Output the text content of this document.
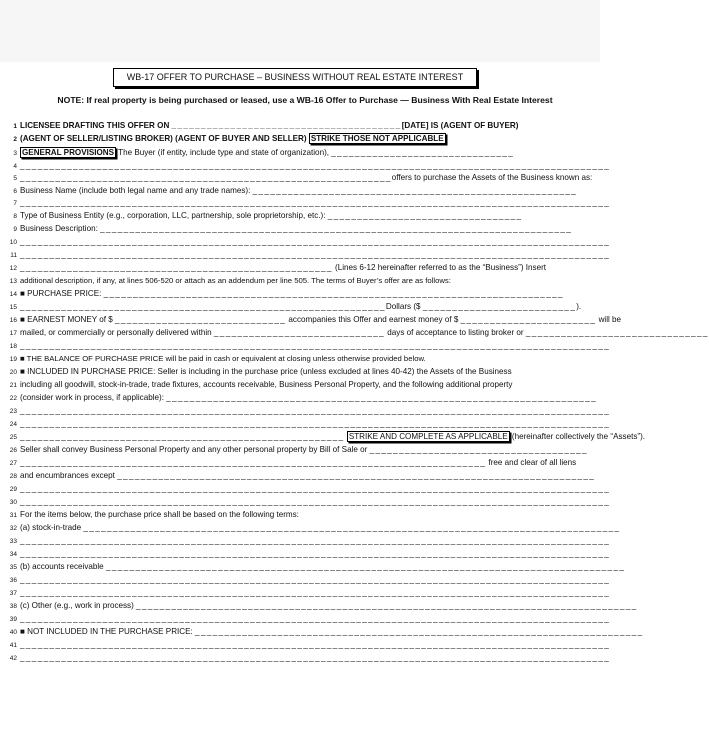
WB-17 OFFER TO PURCHASE – BUSINESS WITHOUT REAL ESTATE INTEREST
NOTE: If real property is being purchased or leased, use a WB-16 Offer to Purchase — Business With Real Estate Interest
1 LICENSEE DRAFTING THIS OFFER ON _______________________________________[DATE] IS (AGENT OF BUYER)
2 (AGENT OF SELLER/LISTING BROKER) (AGENT OF BUYER AND SELLER) STRIKE THOSE NOT APPLICABLE
3 GENERAL PROVISIONS The Buyer (if entity, include type and state of organization), _______________________________
4 ____________________________________________________________________________________________________
5 _______________________________________________________________offers to purchase the Assets of the Business known as:
6 Business Name (include both legal name and any trade names): _______________________________________________________
7 ____________________________________________________________________________________________________
8 Type of Business Entity (e.g., corporation, LLC, partnership, sole proprietorship, etc.): _________________________________
9 Business Description: ________________________________________________________________________________
10 ____________________________________________________________________________________________________
11 ____________________________________________________________________________________________________
12 _____________________________________________________ (Lines 6-12 hereinafter referred to as the “Business”) Insert
13 additional description, if any, at lines 506-520 or attach as an addendum per line 505. The terms of Buyer’s offer are as follows:
14 ■ PURCHASE PRICE: ______________________________________________________________________________
15 ______________________________________________________________Dollars ($ __________________________).
16 ■ EARNEST MONEY of $ _____________________________ accompanies this Offer and earnest money of $ _______________________ will be
17 mailed, or commercially or personally delivered within _____________________________ days of acceptance to listing broker or _______________________________
18 ____________________________________________________________________________________________________
19 ■ THE BALANCE OF PURCHASE PRICE will be paid in cash or equivalent at closing unless otherwise provided below.
20 ■ INCLUDED IN PURCHASE PRICE: Seller is including in the purchase price (unless excluded at lines 40-42) the Assets of the Business
21 including all goodwill, stock-in-trade, trade fixtures, accounts receivable, Business Personal Property, and the following additional property
22 (consider work in process, if applicable): _________________________________________________________________________
23 ____________________________________________________________________________________________________
24 ____________________________________________________________________________________________________
25 _______________________________________________________ STRIKE AND COMPLETE AS APPLICABLE (hereinafter collectively the “Assets”).
26 Seller shall convey Business Personal Property and any other personal property by Bill of Sale or _____________________________________
27 _______________________________________________________________________________ free and clear of all liens
28 and encumbrances except _________________________________________________________________________________
29 ____________________________________________________________________________________________________
30 ____________________________________________________________________________________________________
31 For the items below, the purchase price shall be based on the following terms:
32 (a) stock-in-trade ___________________________________________________________________________________________
33 ____________________________________________________________________________________________________
34 ____________________________________________________________________________________________________
35 (b) accounts receivable ________________________________________________________________________________________
36 ____________________________________________________________________________________________________
37 ____________________________________________________________________________________________________
38 (c) Other (e.g., work in process) _____________________________________________________________________________________
39 ____________________________________________________________________________________________________
40 ■ NOT INCLUDED IN THE PURCHASE PRICE: ____________________________________________________________________________
41 ____________________________________________________________________________________________________
42 ____________________________________________________________________________________________________
